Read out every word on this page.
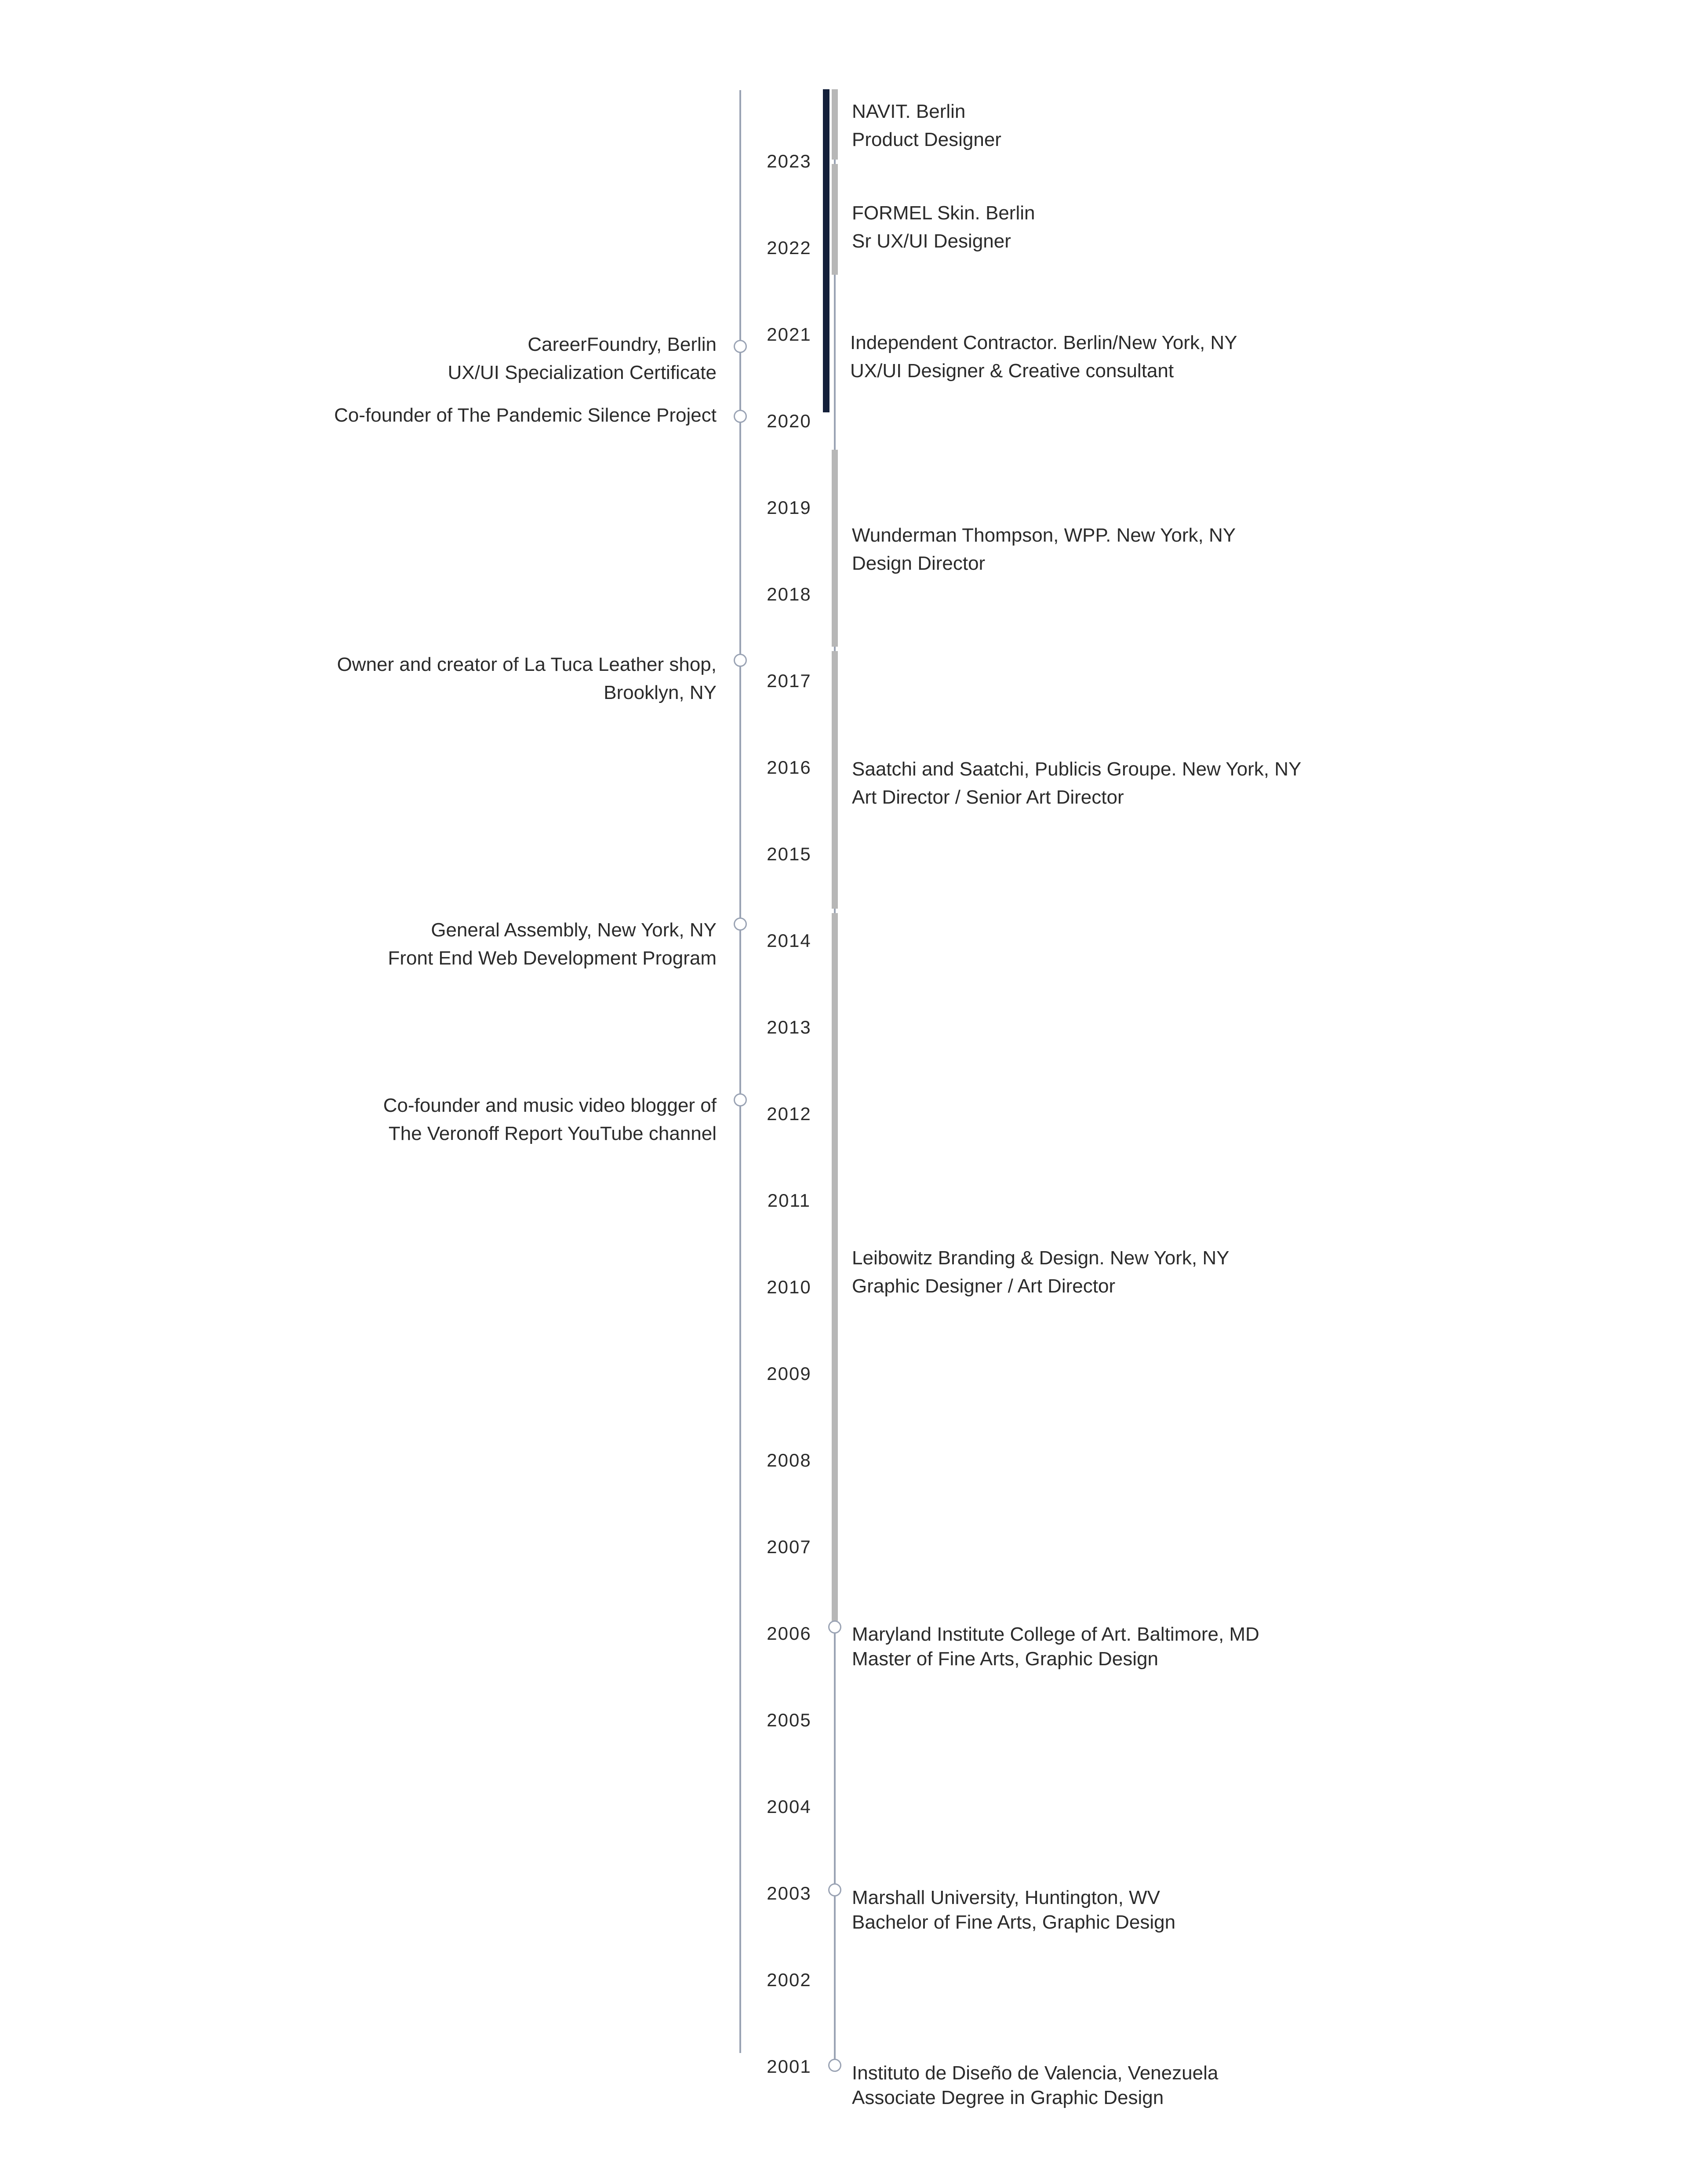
2023
2022
2021
2020
2019
2018
2017
2016
2015
2014
2013
2012
2011
2010
2009
2008
2007
2006
2005
2004
2003
2002
2001
CareerFoundry, Berlin
UX/UI Specialization Certificate
Co-founder of The Pandemic Silence Project
Owner and creator of La Tuca Leather shop,
Brooklyn, NY
General Assembly, New York, NY
Front End Web Development Program
Co-founder and music video blogger of
The Veronoff Report YouTube channel
NAVIT. Berlin
Product Designer
FORMEL Skin. Berlin
Sr UX/UI Designer
Independent Contractor. Berlin/New York, NY
UX/UI Designer & Creative consultant
Wunderman Thompson, WPP. New York, NY
Design Director
Saatchi and Saatchi, Publicis Groupe. New York, NY
Art Director / Senior Art Director
Leibowitz Branding & Design. New York, NY
Graphic Designer / Art Director
Maryland Institute College of Art. Baltimore, MD
Master of Fine Arts, Graphic Design
Marshall University, Huntington, WV
Bachelor of Fine Arts, Graphic Design
Instituto de Diseño de Valencia, Venezuela
Associate Degree in Graphic Design
